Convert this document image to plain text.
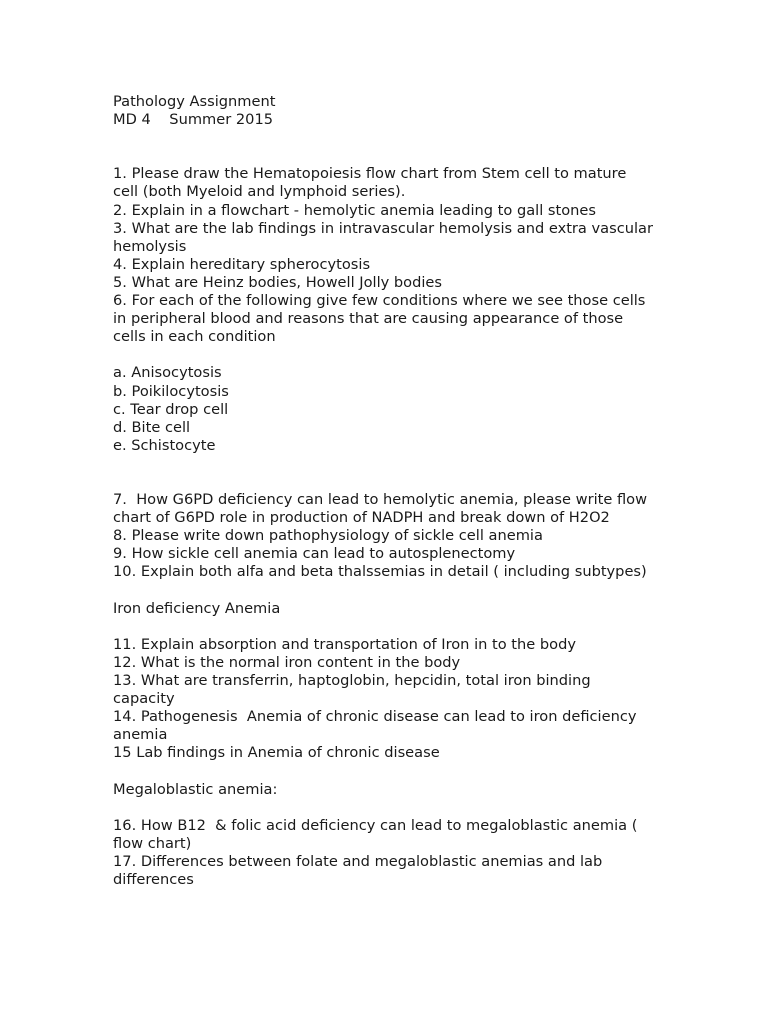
Pathology Assignment

MD 4    Summer 2015

1. Please draw the Hematopoiesis flow chart from Stem cell to mature cell (both Myeloid and lymphoid series).

2. Explain in a flowchart - hemolytic anemia leading to gall stones

3. What are the lab findings in intravascular hemolysis and extra vascular hemolysis

4. Explain hereditary spherocytosis

5. What are Heinz bodies, Howell Jolly bodies

6. For each of the following give few conditions where we see those cells  in peripheral blood and reasons that are causing appearance of those cells in each condition

a. Anisocytosis

b. Poikilocytosis

c. Tear drop cell

d. Bite cell

e. Schistocyte

7.  How G6PD deficiency can lead to hemolytic anemia, please write flow chart of G6PD role in production of NADPH and break down of H2O2

8. Please write down pathophysiology of sickle cell anemia

9. How sickle cell anemia can lead to autosplenectomy

10. Explain both alfa and beta thalssemias in detail ( including subtypes)

Iron deficiency Anemia

11. Explain absorption and transportation of Iron in to the body

12. What is the normal iron content in the body

13. What are transferrin, haptoglobin, hepcidin, total iron binding capacity

14. Pathogenesis  Anemia of chronic disease can lead to iron deficiency anemia

15 Lab findings in Anemia of chronic disease

Megaloblastic anemia:

16. How B12  & folic acid deficiency can lead to megaloblastic anemia ( flow chart)

17. Differences between folate and megaloblastic anemias and lab differences
